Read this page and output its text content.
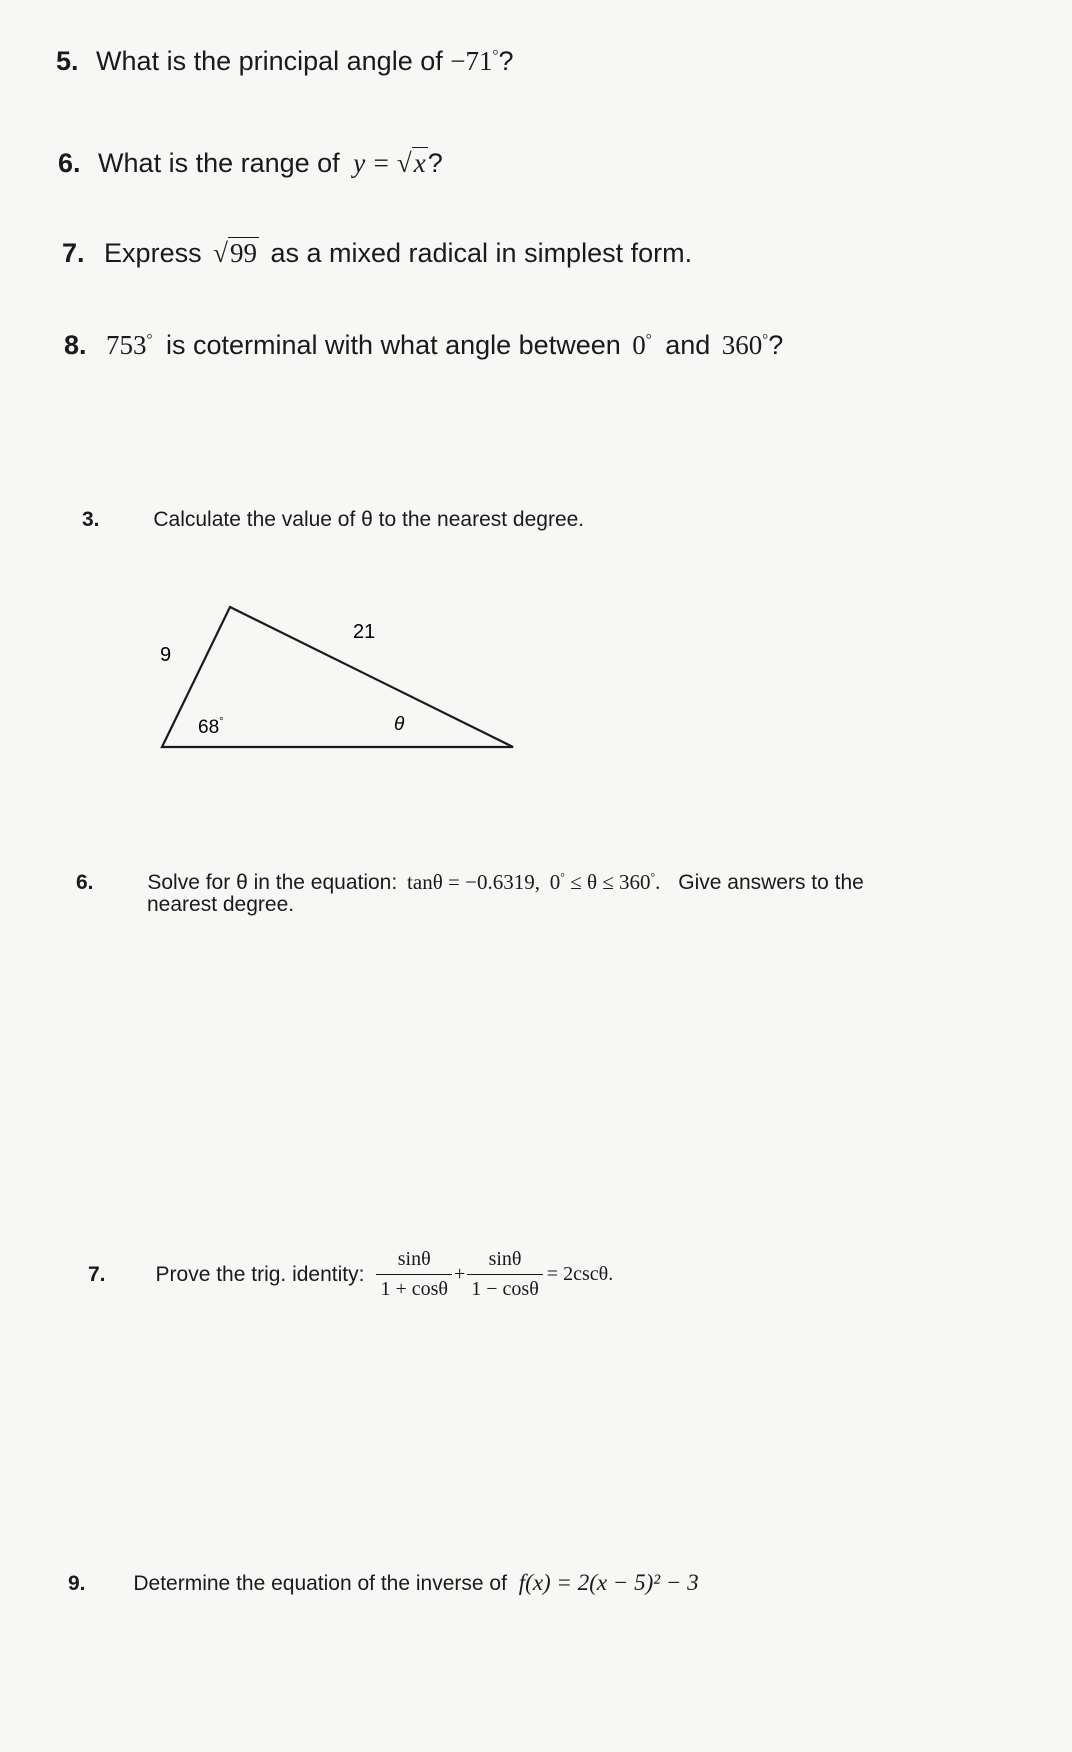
5. What is the principal angle of −71°?
6. What is the range of y = √x?
7. Express √99 as a mixed radical in simplest form.
8. 753° is coterminal with what angle between 0° and 360°?
3.	Calculate the value of θ to the nearest degree.
9
21
68°	θ
6.	Solve for θ in the equation: tanθ = −0.6319, 0° ≤ θ ≤ 360°. Give answers to the
nearest degree.
7. Prove the trig. identity: $\frac{\sin\theta}{1 + \cos\theta} + \frac{\sin\theta}{1 - \cos\theta} = 2\csc\theta$.
9. Determine the equation of the inverse of f(x) = 2(x − 5)² − 3
